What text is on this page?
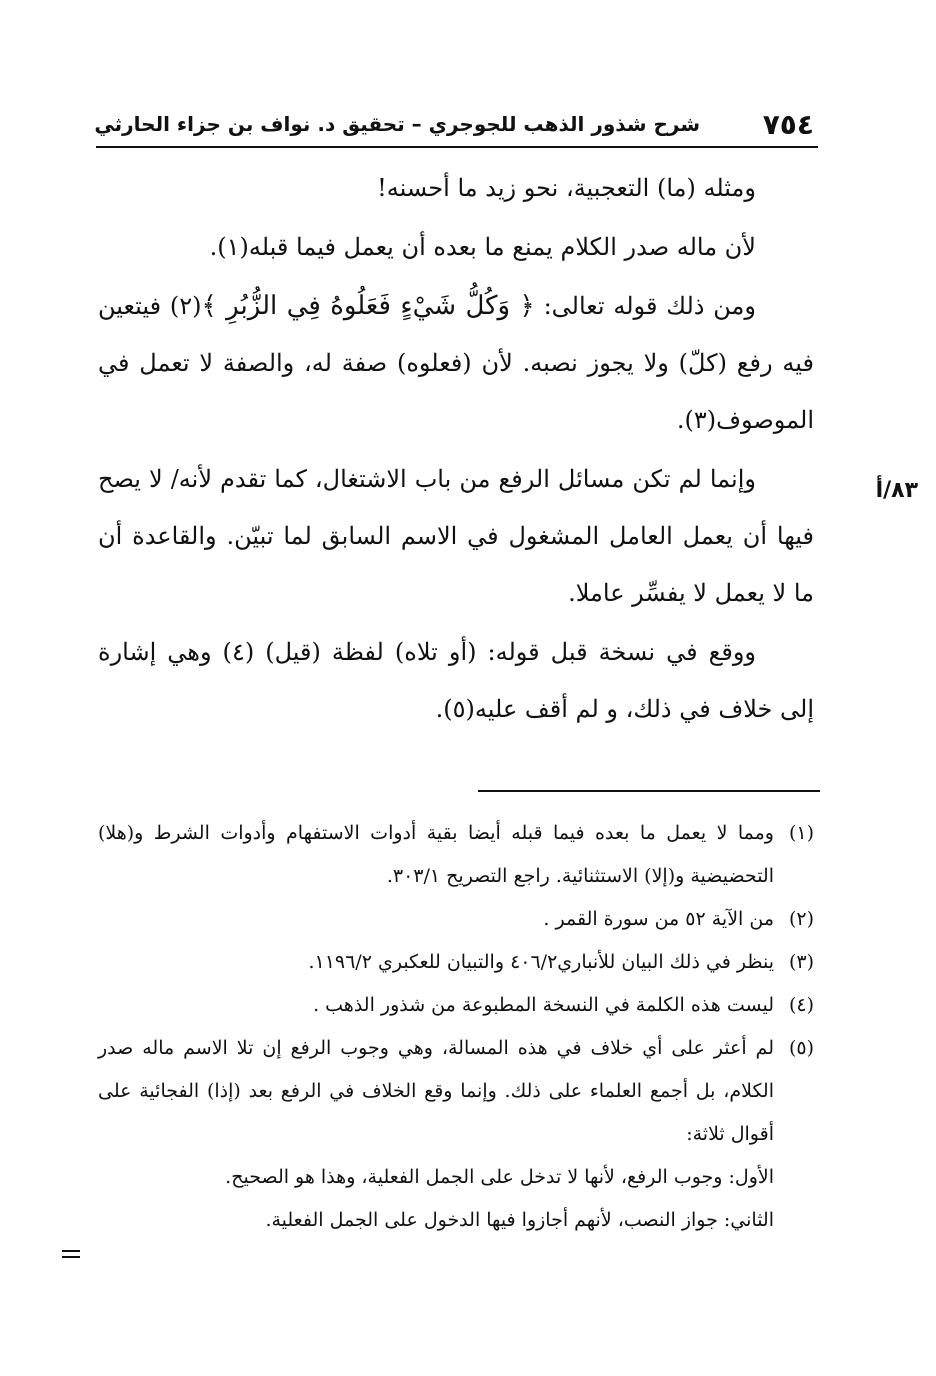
٧٥٤
شرح شذور الذهب للجوجري – تحقيق د. نواف بن جزاء الحارثي
٨٣/أ

ومثله (ما) التعجبية، نحو زيد ما أحسنه!

لأن ماله صدر الكلام يمنع ما بعده أن يعمل فيما قبله(١).

ومن ذلك قوله تعالى: ﴿ وَكُلُّ شَيْءٍ فَعَلُوهُ فِي الزُّبُرِ ﴾(٢) فيتعين فيه رفع (كلّ) ولا يجوز نصبه. لأن (فعلوه) صفة له، والصفة لا تعمل في الموصوف(٣).

وإنما لم تكن مسائل الرفع من باب الاشتغال، كما تقدم لأنه/ لا يصح فيها أن يعمل العامل المشغول في الاسم السابق لما تبيّن. والقاعدة أن ما لا يعمل لا يفسِّر عاملا.

ووقع في نسخة قبل قوله: (أو تلاه) لفظة (قيل) (٤) وهي إشارة إلى خلاف في ذلك، و لم أقف عليه(٥).

(١)
ومما لا يعمل ما بعده فيما قبله أيضا بقية أدوات الاستفهام وأدوات الشرط و(هلا) التحضيضية و(إلا) الاستثنائية. راجع التصريح ٣٠٣/١.
(٢)
من الآية ٥٢ من سورة القمر .
(٣)
ينظر في ذلك البيان للأنباري٤٠٦/٢ والتبيان للعكبري ١١٩٦/٢.
(٤)
ليست هذه الكلمة في النسخة المطبوعة من شذور الذهب .
(٥)
لم أعثر على أي خلاف في هذه المسالة، وهي وجوب الرفع إن تلا الاسم ماله صدر الكلام، بل أجمع العلماء على ذلك. وإنما وقع الخلاف في الرفع بعد (إذا) الفجائية على أقوال ثلاثة:

الأول: وجوب الرفع، لأنها لا تدخل على الجمل الفعلية، وهذا هو الصحيح.

الثاني: جواز النصب، لأنهم أجازوا فيها الدخول على الجمل الفعلية.
